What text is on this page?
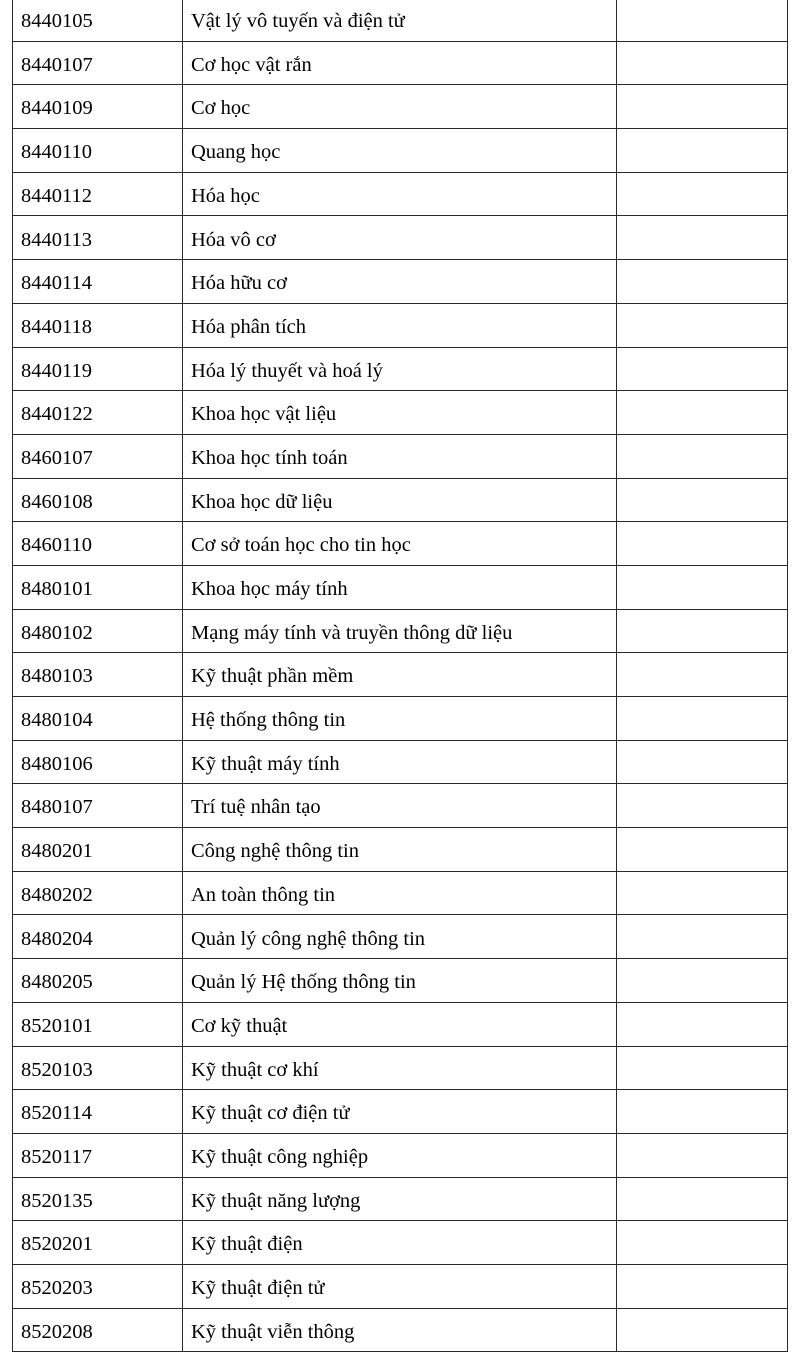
8440105	Vật lý vô tuyến và điện tử	
8440107	Cơ học vật rắn	
8440109	Cơ học	
8440110	Quang học	
8440112	Hóa học	
8440113	Hóa vô cơ	
8440114	Hóa hữu cơ	
8440118	Hóa phân tích	
8440119	Hóa lý thuyết và hoá lý	
8440122	Khoa học vật liệu	
8460107	Khoa học tính toán	
8460108	Khoa học dữ liệu	
8460110	Cơ sở toán học cho tin học	
8480101	Khoa học máy tính	
8480102	Mạng máy tính và truyền thông dữ liệu	
8480103	Kỹ thuật phần mềm	
8480104	Hệ thống thông tin	
8480106	Kỹ thuật máy tính	
8480107	Trí tuệ nhân tạo	
8480201	Công nghệ thông tin	
8480202	An toàn thông tin	
8480204	Quản lý công nghệ thông tin	
8480205	Quản lý Hệ thống thông tin	
8520101	Cơ kỹ thuật	
8520103	Kỹ thuật cơ khí	
8520114	Kỹ thuật cơ điện tử	
8520117	Kỹ thuật công nghiệp	
8520135	Kỹ thuật năng lượng	
8520201	Kỹ thuật điện	
8520203	Kỹ thuật điện tử	
8520208	Kỹ thuật viễn thông	
